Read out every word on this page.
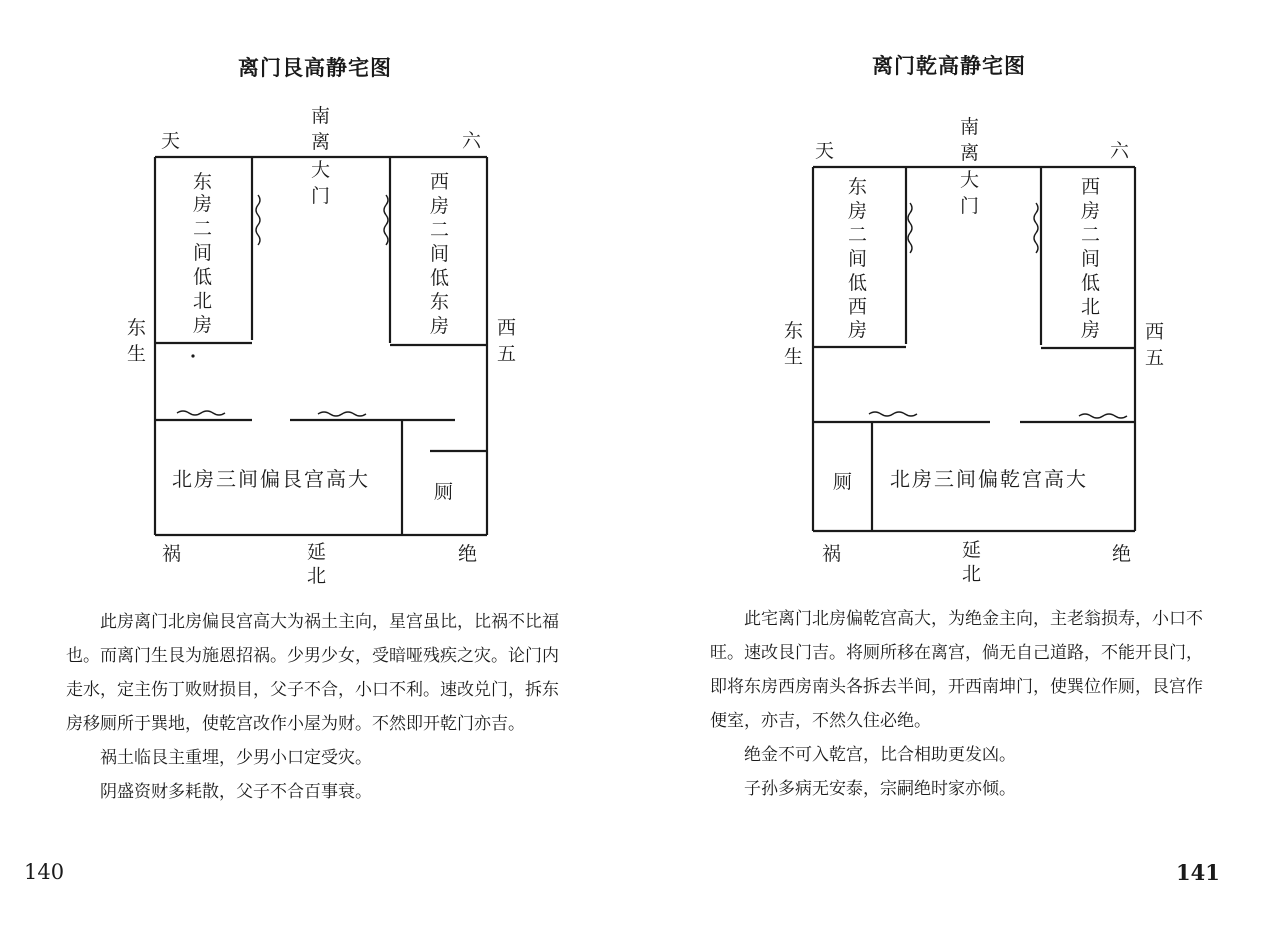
离门艮高静宅图
天	六
南
离
大
门
东
生
西
五
东
房
二
间
低
北
房
西
房
二
间
低
北房三间偏艮宫高大
厕
祸	延
北
绝
东
房

此房离门北房偏艮宫高大为祸土主向，星宫虽比，比祸不比福也。而离门生艮为施恩招祸。少男少女，受暗哑残疾之灾。论门内走水，定主伤丁败财损目，父子不合，小口不利。速改兑门，拆东房移厕所于巽地，使乾宫改作小屋为财。不然即开乾门亦吉。

祸土临艮主重埋，少男小口定受灾。

阴盛资财多耗散，父子不合百事衰。

140
离门乾高静宅图
天	六
南
离
大
门
东
生
西
五
东
房
二
间
低
西
房
西
房
二
间
低
北
厕 北房三间偏乾宫高大
祸	延
北
绝
房

此宅离门北房偏乾宫高大，为绝金主向，主老翁损寿，小口不旺。速改艮门吉。将厕所移在离宫，倘无自己道路，不能开艮门，即将东房西房南头各拆去半间，开西南坤门，使巽位作厕，艮宫作便室，亦吉，不然久住必绝。

绝金不可入乾宫，比合相助更发凶。

子孙多病无安泰，宗嗣绝时家亦倾。

141
